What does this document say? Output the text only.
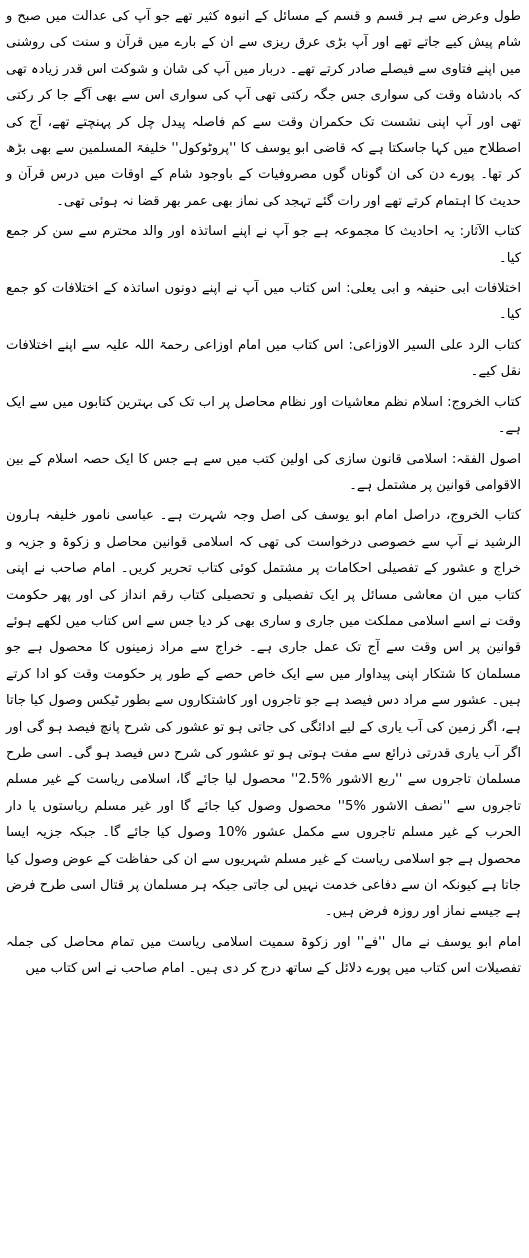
طول وعرض سے ہر قسم و قسم کے مسائل کے انبوہ کثیر تھے جو آپ کی عدالت میں صبح و شام پیش کیے جاتے تھے اور آپ بڑی عرق ریزی سے ان کے بارے میں قرآن و سنت کی روشنی میں اپنے فتاوی سے فیصلے صادر کرتے تھے۔ دربار میں آپ کی شان و شوکت اس قدر زیادہ تھی کہ بادشاہ وقت کی سواری جس جگہ رکتی تھی آپ کی سواری اس سے بھی آگے جا کر رکتی تھی اور آپ اپنی نشست تک حکمران وقت سے کم فاصلہ پیدل چل کر پہنچتے تھے، آج کی اصطلاح میں کہا جاسکتا ہے کہ قاضی ابو یوسف کا ''پروٹوکول'' خلیفۃ المسلمین سے بھی بڑھ کر تھا۔ پورے دن کی ان گوناں گوں مصروفیات کے باوجود شام کے اوقات میں درس قرآن و حدیث کا اہتمام کرتے تھے اور رات گئے تہجد کی نماز بھی عمر بھر قضا نہ ہوئی تھی۔

کتاب الآثار: یہ احادیث کا مجموعہ ہے جو آپ نے اپنے اساتذہ اور والد محترم سے سن کر جمع کیا۔

اختلافات ابی حنیفہ و ابی یعلی: اس کتاب میں آپ نے اپنے دونوں اساتذہ کے اختلافات کو جمع کیا۔

کتاب الرد علی السیر الاوزاعی: اس کتاب میں امام اوزاعی رحمۃ اللہ علیہ سے اپنے اختلافات نقل کیے۔

کتاب الخروج: اسلام نظم معاشیات اور نظام محاصل پر اب تک کی بہترین کتابوں میں سے ایک ہے۔

اصول الفقہ: اسلامی قانون سازی کی اولین کتب میں سے ہے جس کا ایک حصہ اسلام کے بین الاقوامی قوانین پر مشتمل ہے۔

کتاب الخروج، دراصل امام ابو یوسف کی اصل وجہ شہرت ہے۔ عباسی نامور خلیفہ ہارون الرشید نے آپ سے خصوصی درخواست کی تھی کہ اسلامی قوانین محاصل و زکوۃ و جزیہ و خراج و عشور کے تفصیلی احکامات پر مشتمل کوئی کتاب تحریر کریں۔ امام صاحب نے اپنی کتاب میں ان معاشی مسائل پر ایک تفصیلی و تحصیلی کتاب رقم انداز کی اور پھر حکومت وقت نے اسے اسلامی مملکت میں جاری و ساری بھی کر دیا جس سے اس کتاب میں لکھے ہوئے قوانین پر اس وقت سے آج تک عمل جاری ہے۔ خراج سے مراد زمینوں کا محصول ہے جو مسلمان کا شتکار اپنی پیداوار میں سے ایک خاص حصے کے طور پر حکومت وقت کو ادا کرتے ہیں۔ عشور سے مراد دس فیصد ہے جو تاجروں اور کاشتکاروں سے بطور ٹیکس وصول کیا جاتا ہے، اگر زمین کی آب یاری کے لیے ادائگی کی جاتی ہو تو عشور کی شرح پانچ فیصد ہو گی اور اگر آب یاری قدرتی ذرائع سے مفت ہوتی ہو تو عشور کی شرح دس فیصد ہو گی۔ اسی طرح مسلمان تاجروں سے ''ربع الاشور %2.5'' محصول لیا جائے گا، اسلامی ریاست کے غیر مسلم تاجروں سے ''نصف الاشور %5'' محصول وصول کیا جائے گا اور غیر مسلم ریاستوں یا دار الحرب کے غیر مسلم تاجروں سے مکمل عشور %10 وصول کیا جائے گا۔ جبکہ جزیہ ایسا محصول ہے جو اسلامی ریاست کے غیر مسلم شہریوں سے ان کی حفاظت کے عوض وصول کیا جاتا ہے کیونکہ ان سے دفاعی خدمت نہیں لی جاتی جبکہ ہر مسلمان پر قتال اسی طرح فرض ہے جیسے نماز اور روزہ فرض ہیں۔

امام ابو یوسف نے مال ''فے'' اور زکوۃ سمیت اسلامی ریاست میں تمام محاصل کی جملہ تفصیلات اس کتاب میں پورے دلائل کے ساتھ درج کر دی ہیں۔ امام صاحب نے اس کتاب میں
